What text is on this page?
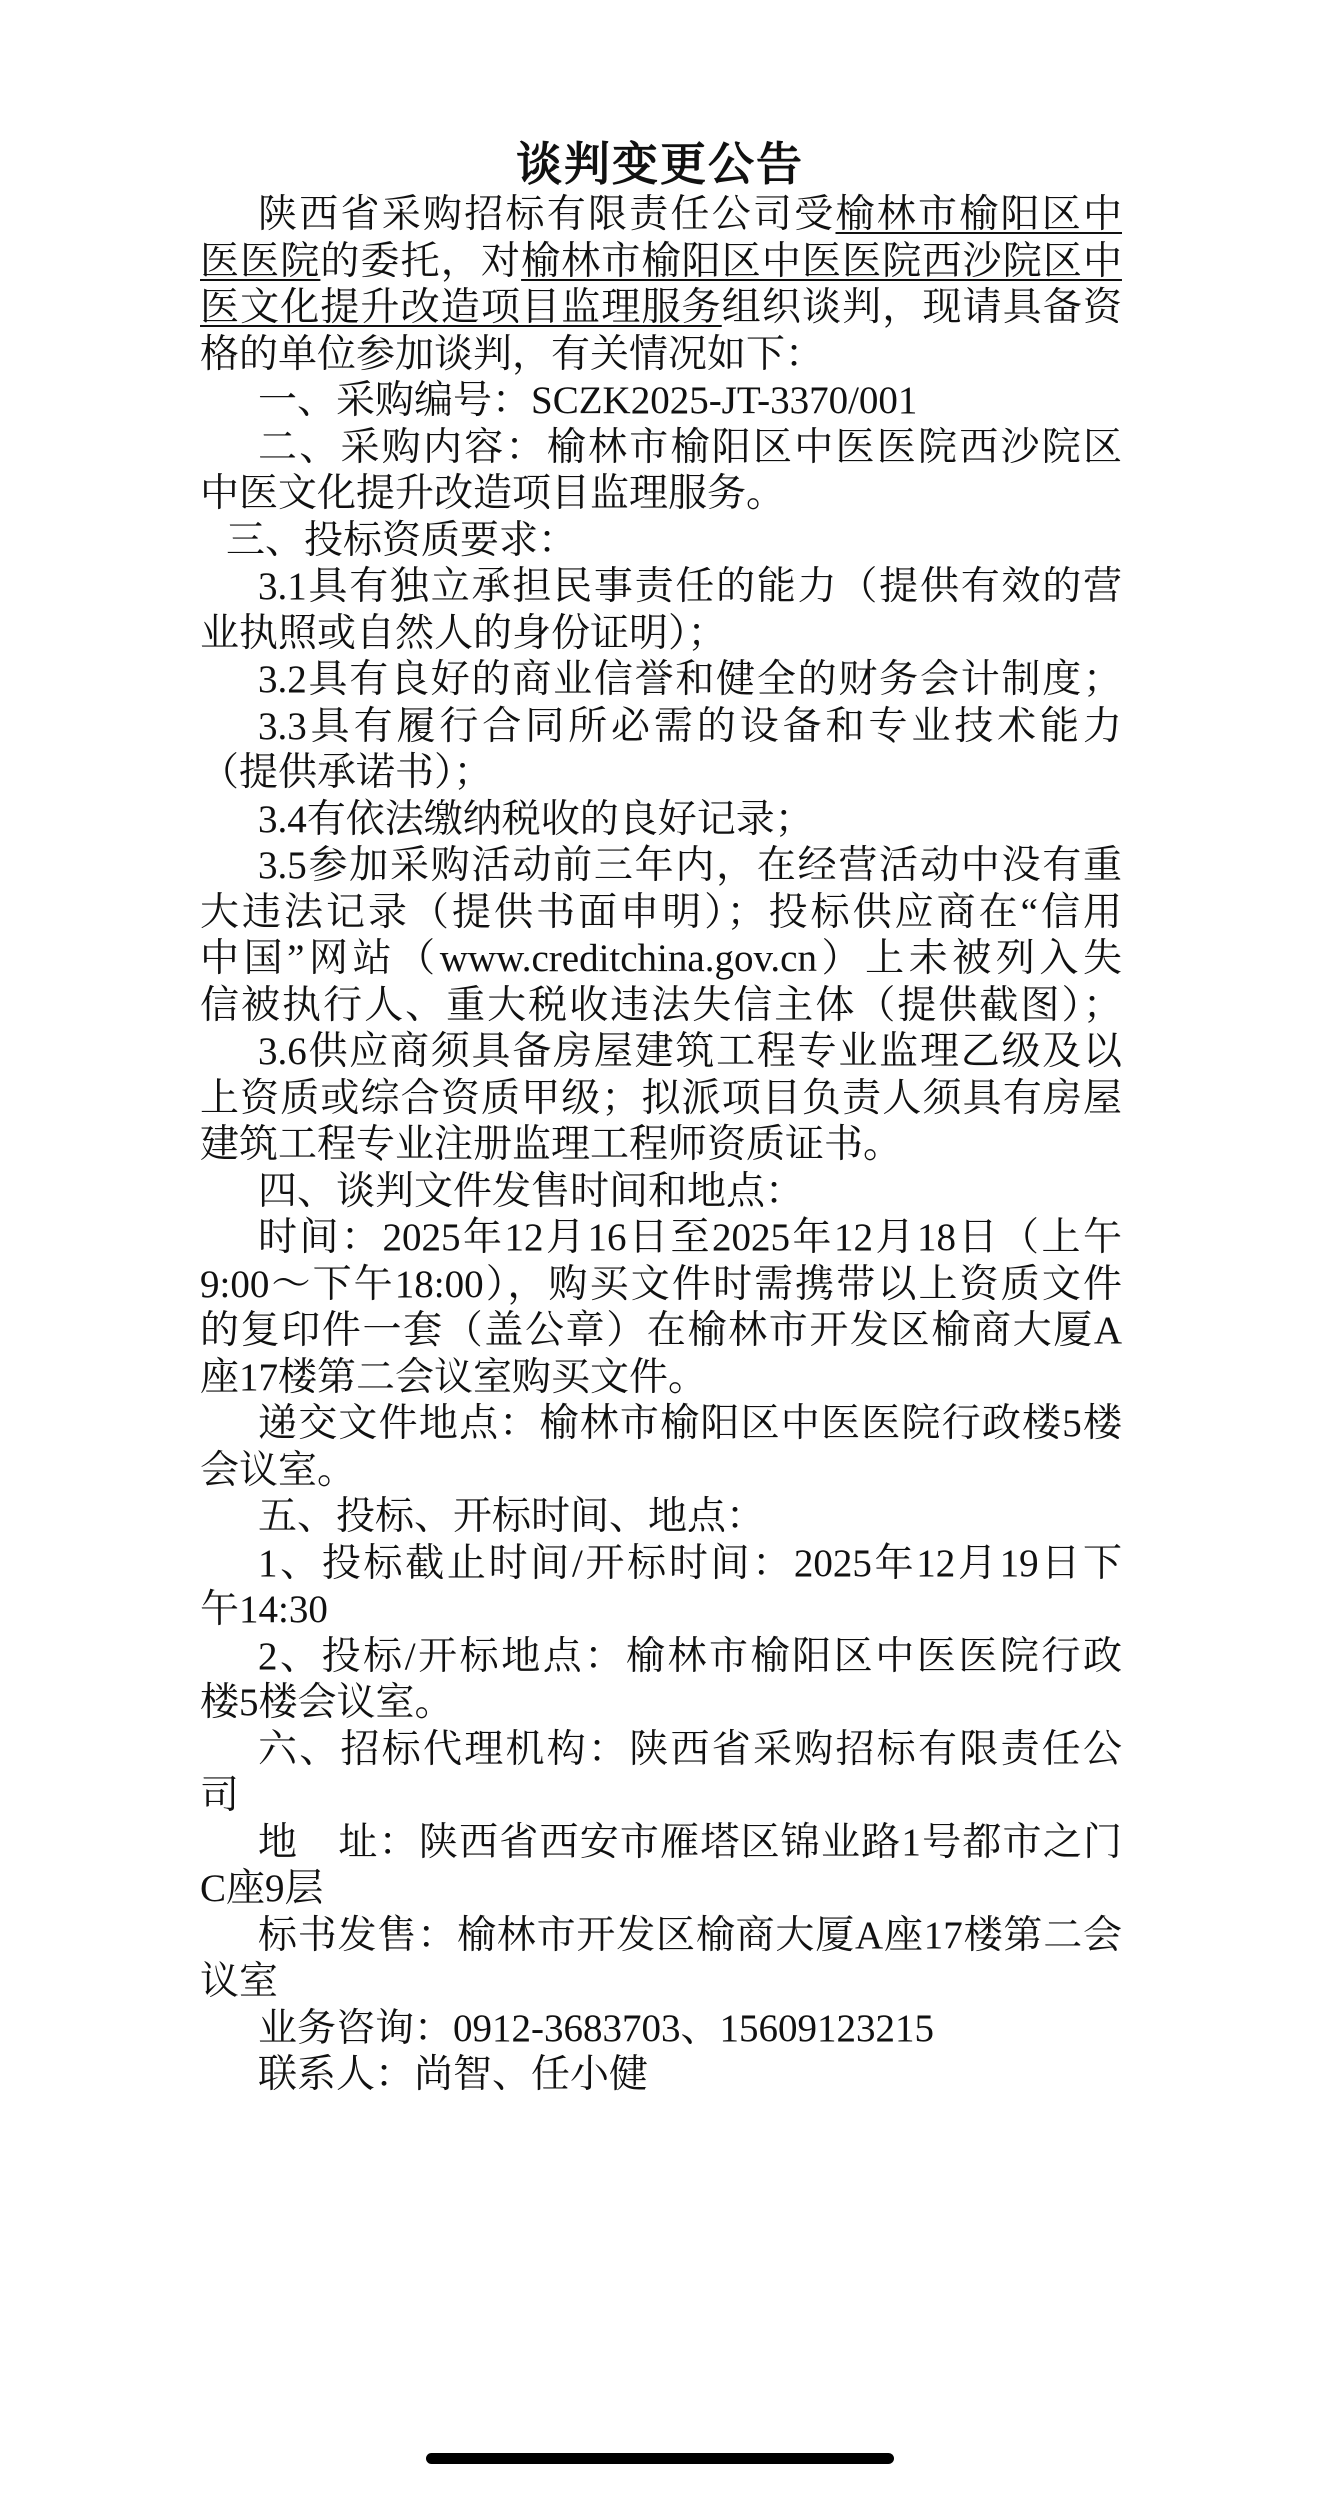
谈判变更公告
陕西省采购招标有限责任公司受榆林市榆阳区中
医医院的委托，对榆林市榆阳区中医医院西沙院区中
医文化提升改造项目监理服务组织谈判，现请具备资
格的单位参加谈判，有关情况如下：
一、采购编号：SCZK2025-JT-3370/001
二、采购内容：榆林市榆阳区中医医院西沙院区
中医文化提升改造项目监理服务。
三、投标资质要求：
3.1具有独立承担民事责任的能力（提供有效的营
业执照或自然人的身份证明）；
3.2具有良好的商业信誉和健全的财务会计制度；
3.3具有履行合同所必需的设备和专业技术能力
（提供承诺书）；
3.4有依法缴纳税收的良好记录；
3.5参加采购活动前三年内，在经营活动中没有重
大违法记录（提供书面申明）；投标供应商在“信用
中国”网站（www.creditchina.gov.cn）上未被列入失
信被执行人、重大税收违法失信主体（提供截图）；
3.6供应商须具备房屋建筑工程专业监理乙级及以
上资质或综合资质甲级；拟派项目负责人须具有房屋
建筑工程专业注册监理工程师资质证书。
四、谈判文件发售时间和地点：
时间：2025年12月16日至2025年12月18日（上午
9:00～下午18:00），购买文件时需携带以上资质文件
的复印件一套（盖公章）在榆林市开发区榆商大厦A
座17楼第二会议室购买文件。
递交文件地点：榆林市榆阳区中医医院行政楼5楼
会议室。
五、投标、开标时间、地点：
1、投标截止时间/开标时间：2025年12月19日下
午14:30
2、投标/开标地点：榆林市榆阳区中医医院行政
楼5楼会议室。
六、招标代理机构：陕西省采购招标有限责任公
司
地　址：陕西省西安市雁塔区锦业路1号都市之门
C座9层
标书发售：榆林市开发区榆商大厦A座17楼第二会
议室
业务咨询：0912-3683703、15609123215
联系人：尚智、任小健
